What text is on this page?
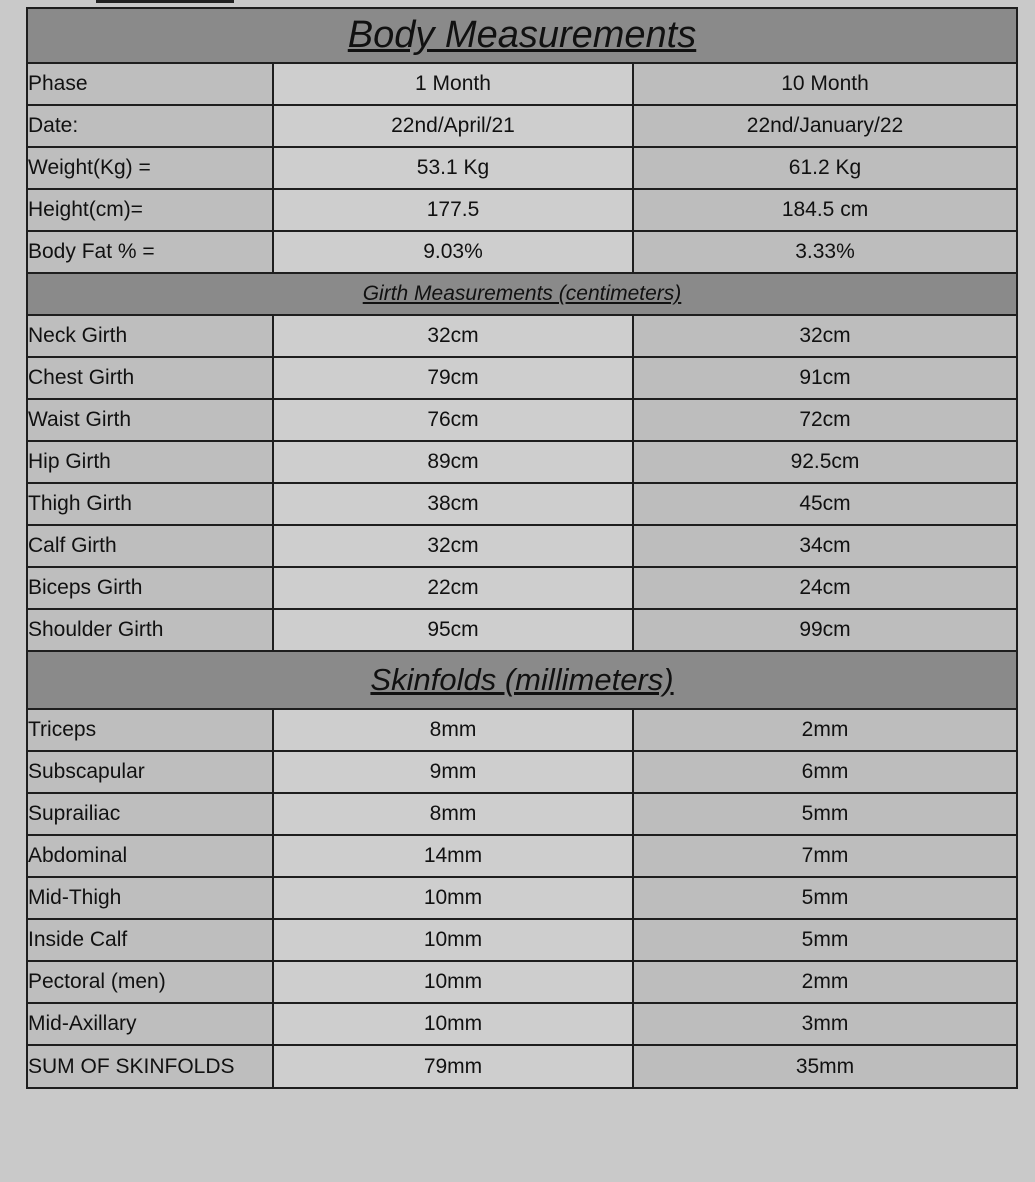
Body Measurements		
Phase	1 Month	10 Month
Date:	22nd/April/21	22nd/January/22
Weight(Kg) =	53.1 Kg	61.2 Kg
Height(cm)=	177.5	184.5 cm
Body Fat % =	9.03%	3.33%
Girth Measurements (centimeters)		
Neck Girth	32cm	32cm
Chest Girth	79cm	91cm
Waist Girth	76cm	72cm
Hip Girth	89cm	92.5cm
Thigh Girth	38cm	45cm
Calf Girth	32cm	34cm
Biceps Girth	22cm	24cm
Shoulder Girth	95cm	99cm
Skinfolds (millimeters)		
Triceps	8mm	2mm
Subscapular	9mm	6mm
Suprailiac	8mm	5mm
Abdominal	14mm	7mm
Mid-Thigh	10mm	5mm
Inside Calf	10mm	5mm
Pectoral (men)	10mm	2mm
Mid-Axillary	10mm	3mm
SUM OF SKINFOLDS	79mm	35mm
